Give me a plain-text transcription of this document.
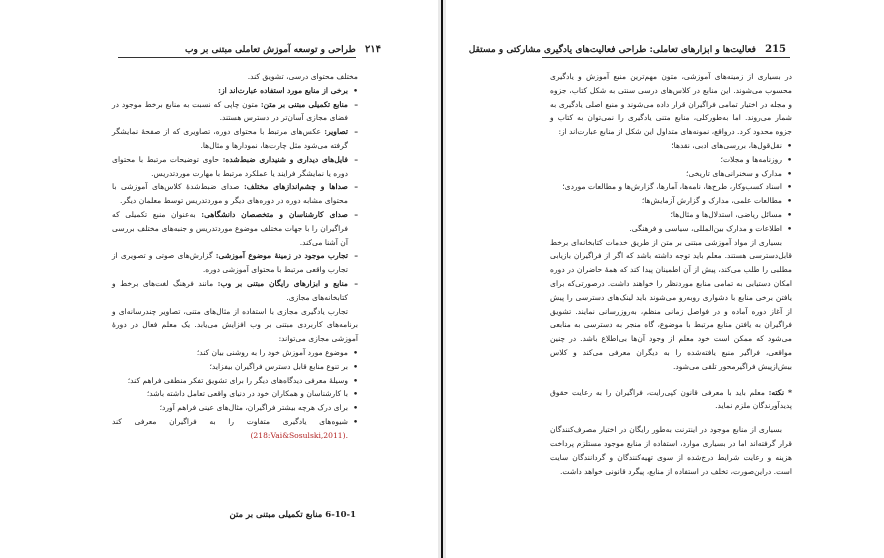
۲۱۴ طراحی و توسعه آموزش تعاملی مبتنی بر وب

مختلف محتوای درسی، تشویق کند.

• برخی از منابع مورد استفاده عبارت‌اند از:

– منابع تکمیلی مبتنی بر متن: متون چاپی که نسبت به منابع برخط موجود در فضای مجازی آسان‌تر در دسترس هستند.

– تصاویر: عکس‌های مرتبط با محتوای دوره، تصاویری که از صفحهٔ نمایشگر گرفته می‌شود مثل چارت‌ها، نمودارها و مثال‌ها.

– فایل‌های دیداری و شنیداری ضبط‌شده: حاوی توضیحات مرتبط با محتوای دوره یا نمایشگر فرایند یا عملکرد مرتبط با مهارت موردتدریس.

– صداها و چشم‌اندازهای مختلف: صدای ضبط‌شدهٔ کلاس‌های آموزشی با محتوای مشابه دوره در دوره‌های دیگر و موردتدریس توسط معلمان دیگر.

– صدای کارشناسان و متخصصان دانشگاهی: به‌عنوان منبع تکمیلی که فراگیران را با جهات مختلف موضوع موردتدریس و جنبه‌های مختلف بررسی آن آشنا می‌کند.

– تجارب موجود در زمینهٔ موضوع آموزشی: گزارش‌های صوتی و تصویری از تجارب واقعی مرتبط با محتوای آموزشی دوره.

– منابع و ابزارهای رایگان مبتنی بر وب: مانند فرهنگ لغت‌های برخط و کتابخانه‌های مجازی.

تجارب یادگیری مجازی با استفاده از مثال‌های متنی، تصاویر چندرسانه‌ای و برنامه‌های کاربردی مبتنی بر وب افزایش می‌یابد. یک معلم فعال در دورهٔ آموزشی مجازی می‌تواند:

• موضوع مورد آموزش خود را به روشنی بیان کند؛

• بر تنوع منابع قابل دسترس فراگیران بیفزاید؛

• وسیلهٔ معرفی دیدگاه‌های دیگر را برای تشویق تفکر منطقی فراهم کند؛

• با کارشناسان و همکاران خود در دنیای واقعی تعامل داشته باشد؛

• برای درک هرچه بیشتر فراگیران، مثال‌های عینی فراهم آورد؛

• شیوه‌های یادگیری متفاوت را به فراگیران معرفی کند (218:Vai&Sosulski,2011).

6-10-1 منابع تکمیلی مبتنی بر متن
215 فعالیت‌ها و ابزارهای تعاملی: طراحی فعالیت‌های یادگیری مشارکتی و مستقل

در بسیاری از زمینه‌های آموزشی، متون مهم‌ترین منبع آموزش و یادگیری محسوب می‌شوند. این منابع در کلاس‌های درسی سنتی به شکل کتاب، جزوه و مجله در اختیار تمامی فراگیران قرار داده می‌شوند و منبع اصلی یادگیری به شمار می‌روند. اما به‌طورکلی، منابع متنی یادگیری را نمی‌توان به کتاب و جزوه محدود کرد. درواقع، نمونه‌های متداول این شکل از منابع عبارت‌اند از:

• نقل‌قول‌ها، بررسی‌های ادبی، نقدها؛

• روزنامه‌ها و مجلات؛

• مدارک و سخنرانی‌های تاریخی؛

• اسناد کسب‌وکار، طرح‌ها، نامه‌ها، آمارها، گزارش‌ها و مطالعات موردی؛

• مطالعات علمی، مدارک و گزارش آزمایش‌ها؛

• مسائل ریاضی، استدلال‌ها و مثال‌ها؛

• اطلاعات و مدارک بین‌المللی، سیاسی و فرهنگی.

بسیاری از مواد آموزشی مبتنی بر متن از طریق خدمات کتابخانه‌ای برخط قابل‌دسترسی هستند. معلم باید توجه داشته باشد که اگر از فراگیران بازیابی مطلبی را طلب می‌کند، پیش از آن اطمینان پیدا کند که همهٔ حاضران در دوره امکان دستیابی به تمامی منابع موردنظر را خواهند داشت. درصورتی‌که برای یافتن برخی منابع با دشواری روبه‌رو می‌شوند باید لینک‌های دسترسی را پیش از آغاز دوره آماده و در فواصل زمانی منظم، به‌روزرسانی نمایند. تشویق فراگیران به یافتن منابع مرتبط با موضوع، گاه منجر به دسترسی به منابعی می‌شود که ممکن است خود معلم از وجود آن‌ها بی‌اطلاع باشد. در چنین مواقعی، فراگیر منبع یافته‌شده را به دیگران معرفی می‌کند و کلاس بیش‌ازپیش فراگیرمحور تلقی می‌شود.

* نکته: معلم باید با معرفی قانون کپی‌رایت، فراگیران را به رعایت حقوق پدیدآورندگان ملزم نماید.

بسیاری از منابع موجود در اینترنت به‌طور رایگان در اختیار مصرف‌کنندگان قرار گرفته‌اند اما در بسیاری موارد، استفاده از منابع موجود مستلزم پرداخت هزینه و رعایت شرایط درج‌شده از سوی تهیه‌کنندگان و گردانندگان سایت است. دراین‌صورت، تخلف در استفاده از منابع، پیگرد قانونی خواهد داشت.
